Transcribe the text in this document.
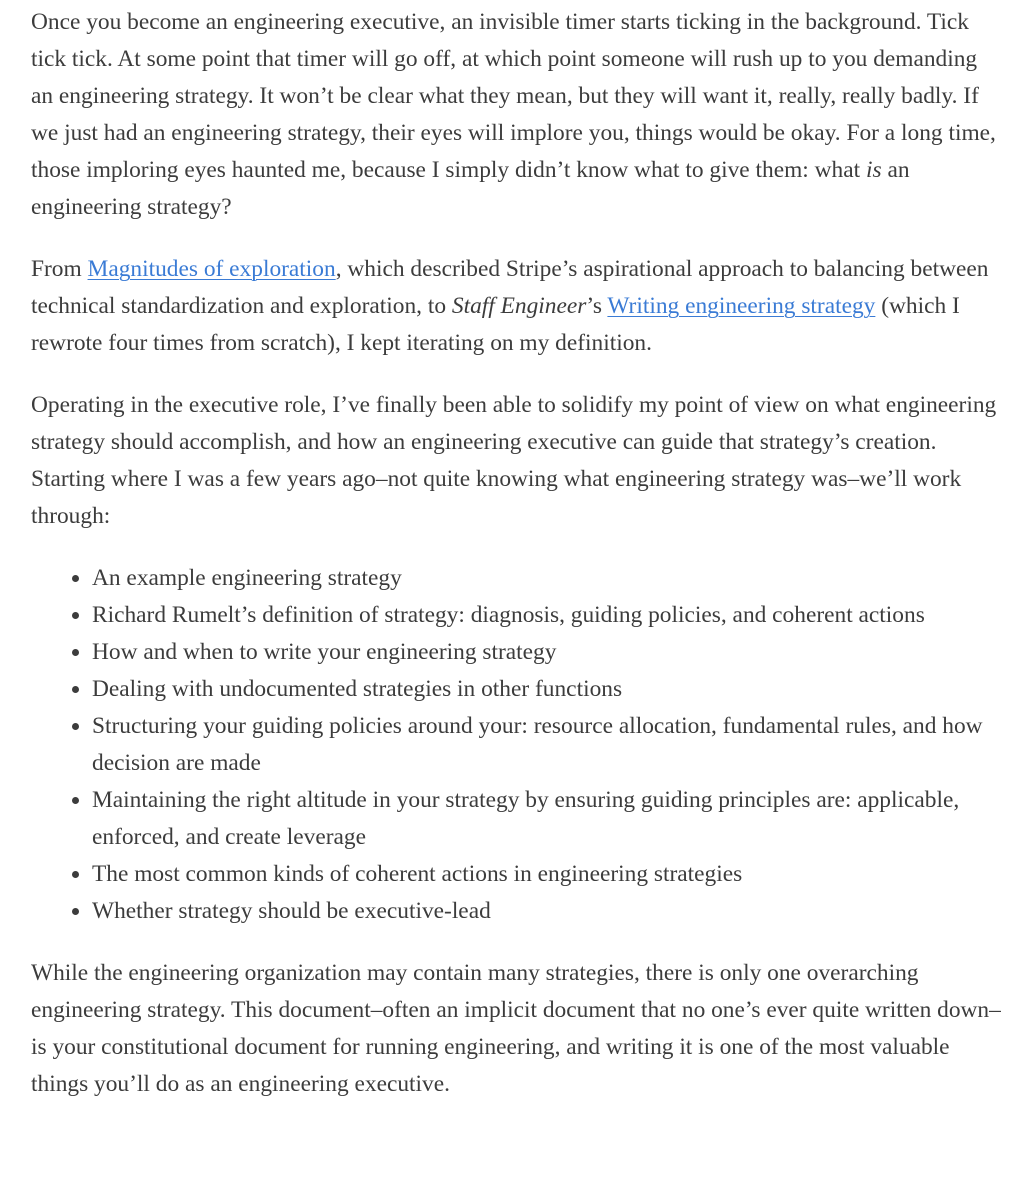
Once you become an engineering executive, an invisible timer starts ticking in the background. Tick tick tick. At some point that timer will go off, at which point someone will rush up to you demanding an engineering strategy. It won’t be clear what they mean, but they will want it, really, really badly. If we just had an engineering strategy, their eyes will implore you, things would be okay. For a long time, those imploring eyes haunted me, because I simply didn’t know what to give them: what is an engineering strategy?

From Magnitudes of exploration, which described Stripe’s aspirational approach to balancing between technical standardization and exploration, to Staff Engineer’s Writing engineering strategy (which I rewrote four times from scratch), I kept iterating on my definition.

Operating in the executive role, I’ve finally been able to solidify my point of view on what engineering strategy should accomplish, and how an engineering executive can guide that strategy’s creation. Starting where I was a few years ago–not quite knowing what engineering strategy was–we’ll work through:

• An example engineering strategy
• Richard Rumelt’s definition of strategy: diagnosis, guiding policies, and coherent actions
• How and when to write your engineering strategy
• Dealing with undocumented strategies in other functions
• Structuring your guiding policies around your: resource allocation, fundamental rules, and how decision are made
• Maintaining the right altitude in your strategy by ensuring guiding principles are: applicable, enforced, and create leverage
• The most common kinds of coherent actions in engineering strategies
• Whether strategy should be executive-lead

While the engineering organization may contain many strategies, there is only one overarching engineering strategy. This document–often an implicit document that no one’s ever quite written down–is your constitutional document for running engineering, and writing it is one of the most valuable things you’ll do as an engineering executive.
